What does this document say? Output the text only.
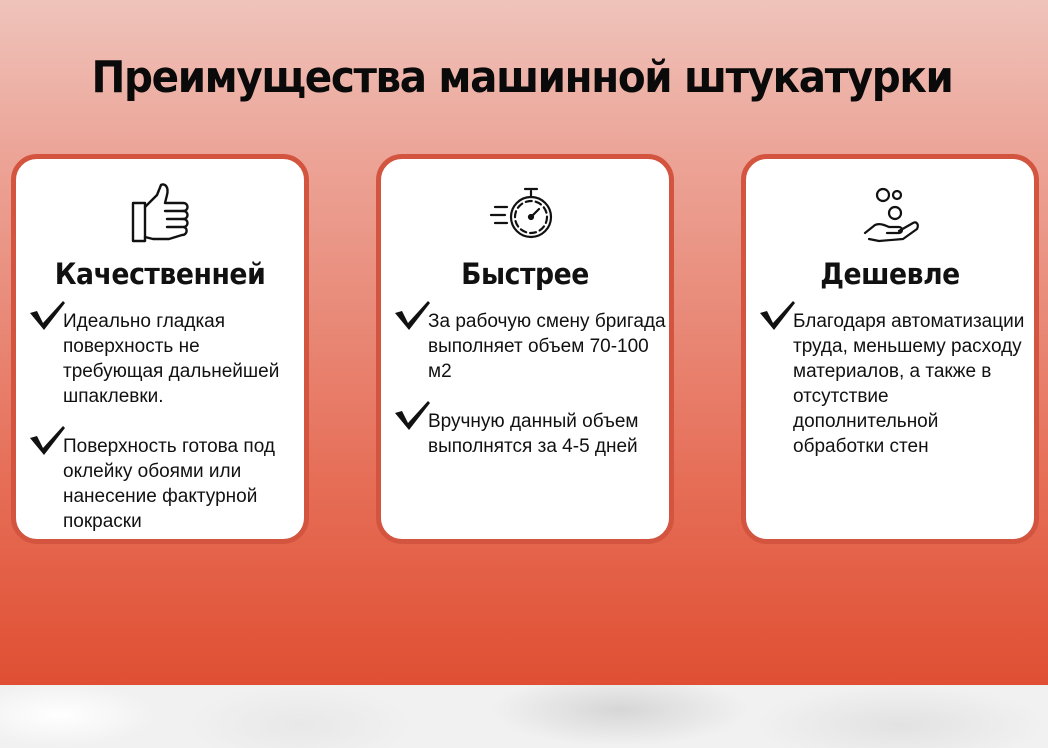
Преимущества машинной штукатурки
Качественней

Идеально гладкая поверхность не требующая дальнейшей шпаклевки.

Поверхность готова под оклейку обоями или нанесение фактурной покраски

Быстрее

За рабочую смену бригада выполняет объем 70-100 м2

Вручную данный объем выполнятся за 4-5 дней

Дешевле

Благодаря автоматизации труда, меньшему расходу материалов, а также в отсутствие дополнительной обработки стен
